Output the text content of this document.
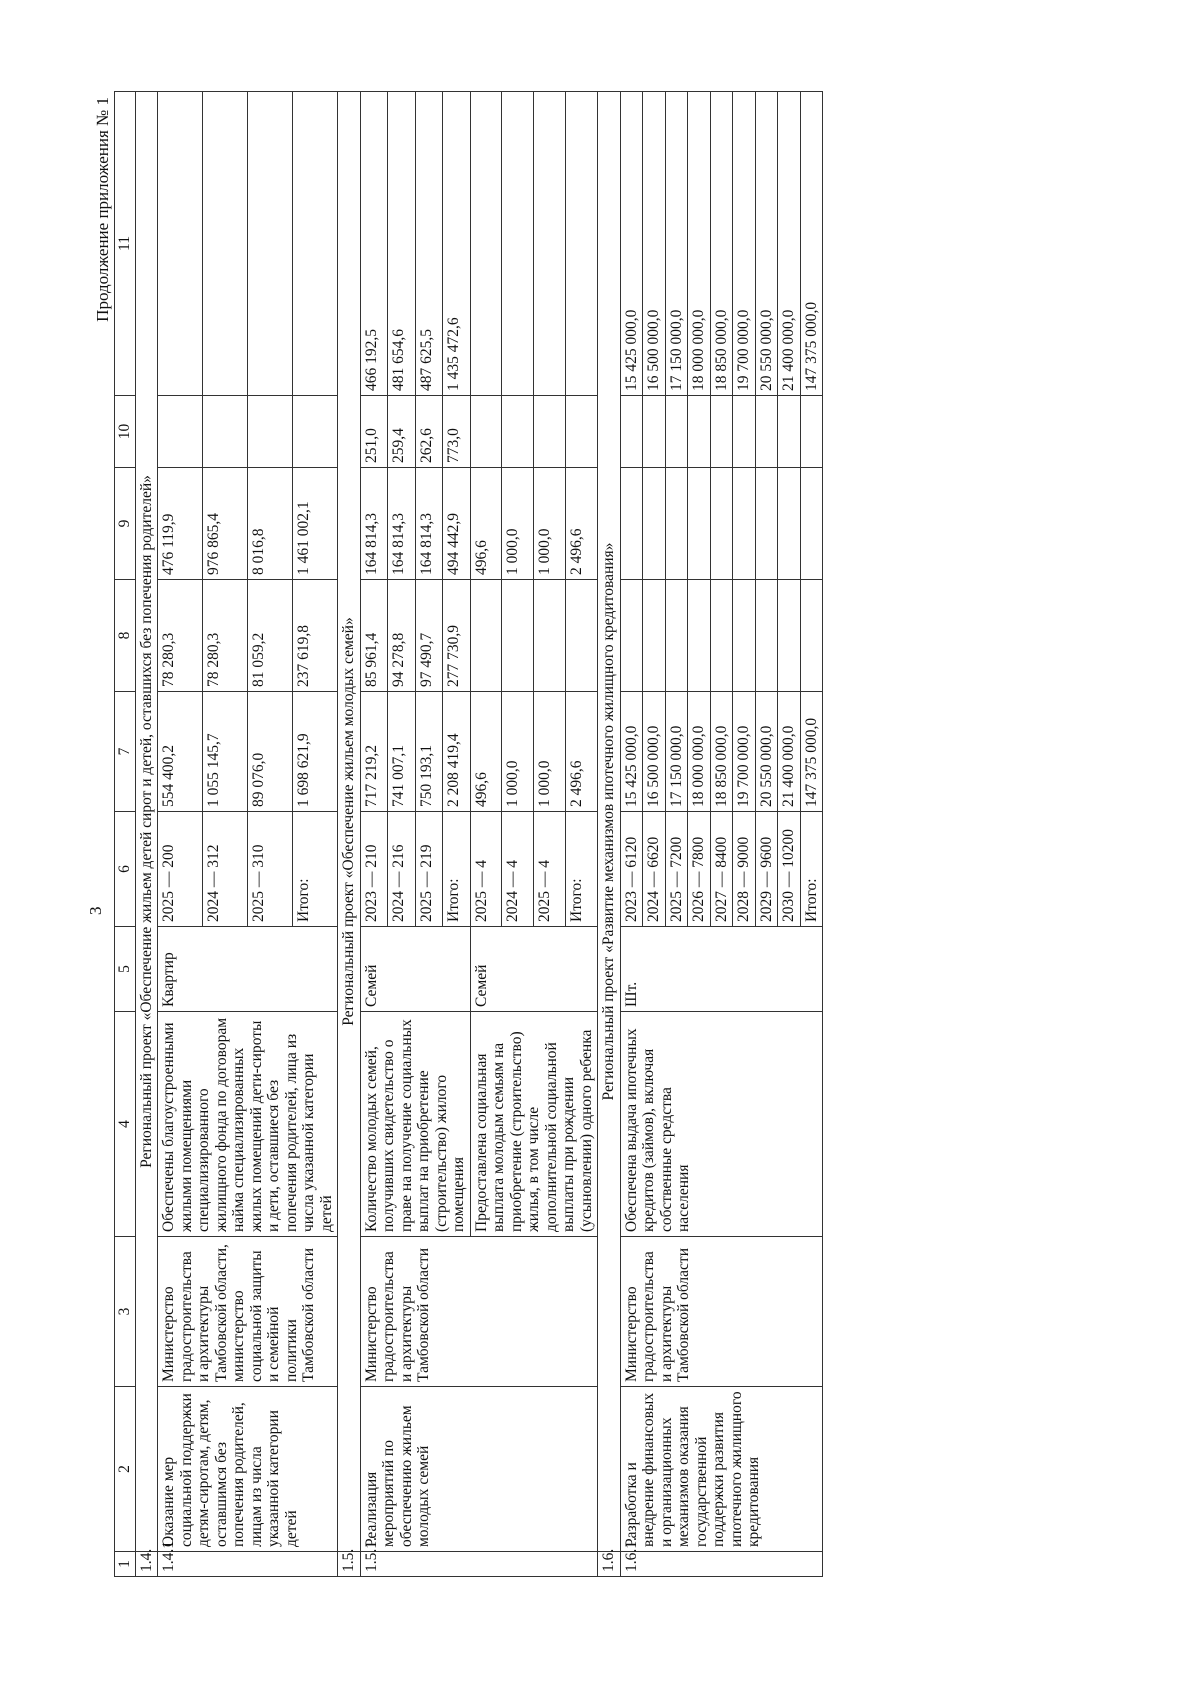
3
Продолжение приложения № 1
1	2	3	4	5	6	7	8	9	10	11
1.4.	Региональный проект «Обеспечение жильем детей сирот и детей, оставшихся без попечения родителей»									
1.4.1.	Оказание мер социальной поддержки детям-сиротам, детям, оставшимся без попечения родителей, лицам из числа указанной категории детей	Министерство градостроительства и архитектуры Тамбовской области, министерство социальной защиты и семейной политики Тамбовской области	Обеспечены благоустроенными жилыми помещениями специализированного жилищного фонда по договорам найма специализированных жилых помещений дети-сироты и дети, оставшиеся без попечения родителей, лица из числа указанной категории детей	Квартир	2025 — 200	554 400,2	78 280,3	476 119,9		
					2024 — 312	1 055 145,7	78 280,3	976 865,4		
					2025 — 310	89 076,0	81 059,2	8 016,8		
					Итого:	1 698 621,9	237 619,8	1 461 002,1		
1.5.	Региональный проект «Обеспечение жильем молодых семей»									
1.5.1.	Реализация мероприятий по обеспечению жильем молодых семей	Министерство градостроительства и архитектуры Тамбовской области	Количество молодых семей, получивших свидетельство о праве на получение социальных выплат на приобретение (строительство) жилого помещения	Семей	2023 — 210	717 219,2	85 961,4	164 814,3	251,0	466 192,5
					2024 — 216	741 007,1	94 278,8	164 814,3	259,4	481 654,6
					2025 — 219	750 193,1	97 490,7	164 814,3	262,6	487 625,5
					Итого:	2 208 419,4	277 730,9	494 442,9	773,0	1 435 472,6
			Предоставлена социальная выплата молодым семьям на приобретение (строительство) жилья, в том числе дополнительной социальной выплаты при рождении (усыновлении) одного ребенка	Семей	2025 — 4	496,6		496,6		
					2024 — 4	1 000,0		1 000,0		
					2025 — 4	1 000,0		1 000,0		
					Итого:	2 496,6		2 496,6		
1.6.	Региональный проект «Развитие механизмов ипотечного жилищного кредитования»									
1.6.1.	Разработка и внедрение финансовых и организационных механизмов оказания государственной поддержки развития ипотечного жилищного кредитования	Министерство градостроительства и архитектуры Тамбовской области	Обеспечена выдача ипотечных кредитов (займов), включая собственные средства населения	Шт.	2023 — 6120	15 425 000,0				15 425 000,0
					2024 — 6620	16 500 000,0				16 500 000,0
					2025 — 7200	17 150 000,0				17 150 000,0
					2026 — 7800	18 000 000,0				18 000 000,0
					2027 — 8400	18 850 000,0				18 850 000,0
					2028 — 9000	19 700 000,0				19 700 000,0
					2029 — 9600	20 550 000,0				20 550 000,0
					2030 — 10200	21 400 000,0				21 400 000,0
					Итого:	147 375 000,0				147 375 000,0
